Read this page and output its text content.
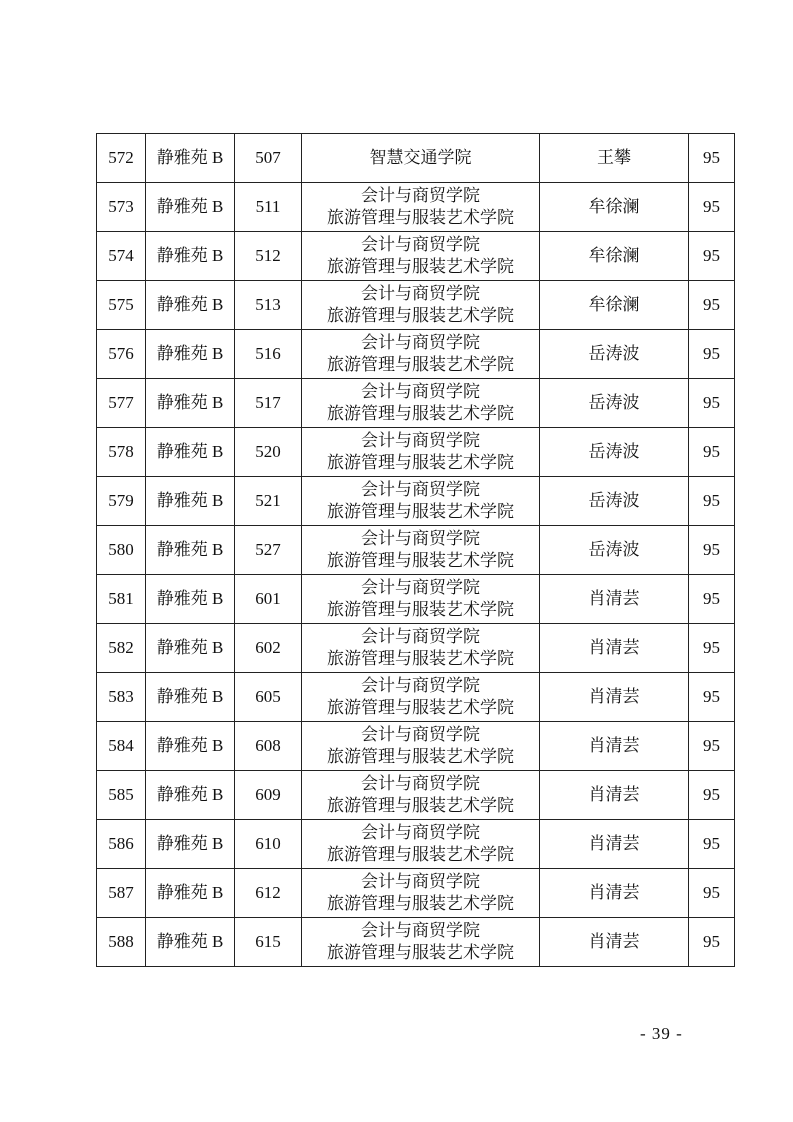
572	静雅苑 B	507	智慧交通学院	王攀	95
573	静雅苑 B	511	会计与商贸学院
旅游管理与服装艺术学院	牟徐澜	95
574	静雅苑 B	512	会计与商贸学院
旅游管理与服装艺术学院	牟徐澜	95
575	静雅苑 B	513	会计与商贸学院
旅游管理与服装艺术学院	牟徐澜	95
576	静雅苑 B	516	会计与商贸学院
旅游管理与服装艺术学院	岳涛波	95
577	静雅苑 B	517	会计与商贸学院
旅游管理与服装艺术学院	岳涛波	95
578	静雅苑 B	520	会计与商贸学院
旅游管理与服装艺术学院	岳涛波	95
579	静雅苑 B	521	会计与商贸学院
旅游管理与服装艺术学院	岳涛波	95
580	静雅苑 B	527	会计与商贸学院
旅游管理与服装艺术学院	岳涛波	95
581	静雅苑 B	601	会计与商贸学院
旅游管理与服装艺术学院	肖清芸	95
582	静雅苑 B	602	会计与商贸学院
旅游管理与服装艺术学院	肖清芸	95
583	静雅苑 B	605	会计与商贸学院
旅游管理与服装艺术学院	肖清芸	95
584	静雅苑 B	608	会计与商贸学院
旅游管理与服装艺术学院	肖清芸	95
585	静雅苑 B	609	会计与商贸学院
旅游管理与服装艺术学院	肖清芸	95
586	静雅苑 B	610	会计与商贸学院
旅游管理与服装艺术学院	肖清芸	95
587	静雅苑 B	612	会计与商贸学院
旅游管理与服装艺术学院	肖清芸	95
588	静雅苑 B	615	会计与商贸学院
旅游管理与服装艺术学院	肖清芸	95
- 39 -
